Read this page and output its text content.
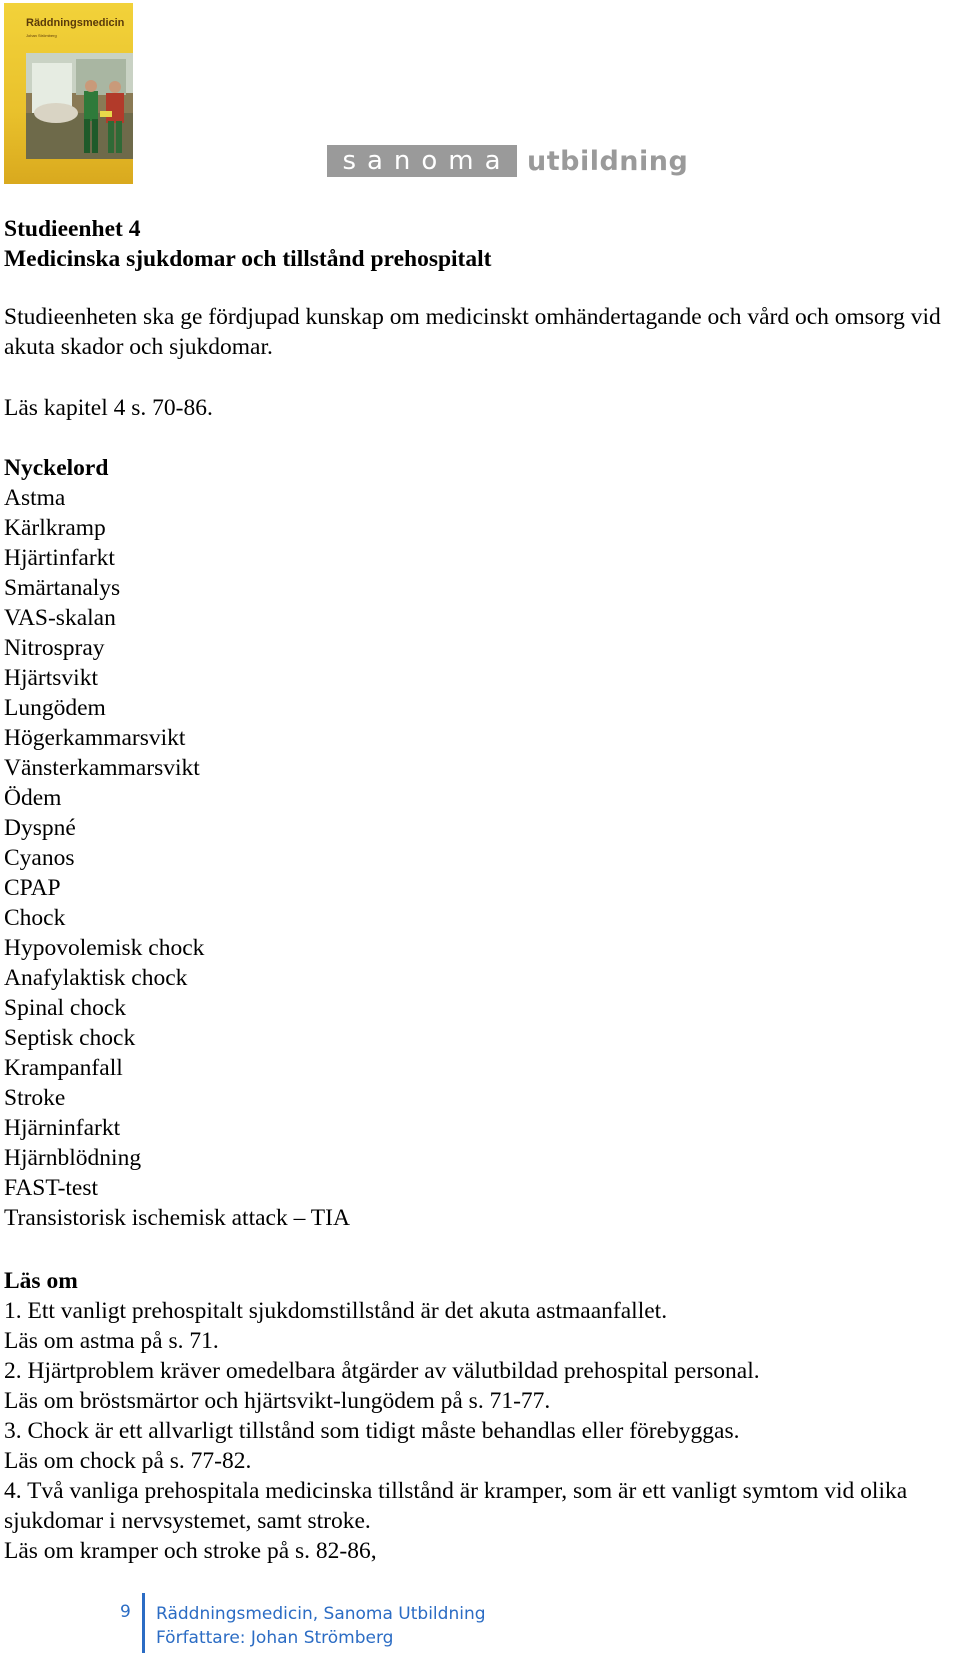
Räddningsmedicin
Johan Strömberg
sanoma utbildning
Studieenhet 4
Medicinska sjukdomar och tillstånd prehospitalt
Studieenheten ska ge fördjupad kunskap om medicinskt omhändertagande och vård och omsorg vid akuta skador och sjukdomar.
Läs kapitel 4 s. 70-86.
Nyckelord
Astma
Kärlkramp
Hjärtinfarkt
Smärtanalys
VAS-skalan
Nitrospray
Hjärtsvikt
Lungödem
Högerkammarsvikt
Vänsterkammarsvikt
Ödem
Dyspné
Cyanos
CPAP
Chock
Hypovolemisk chock
Anafylaktisk chock
Spinal chock
Septisk chock
Krampanfall
Stroke
Hjärninfarkt
Hjärnblödning
FAST-test
Transistorisk ischemisk attack – TIA
Läs om
1. Ett vanligt prehospitalt sjukdomstillstånd är det akuta astmaanfallet.
Läs om astma på s. 71.
2. Hjärtproblem kräver omedelbara åtgärder av välutbildad prehospital personal.
Läs om bröstsmärtor och hjärtsvikt-lungödem på s. 71-77.
3. Chock är ett allvarligt tillstånd som tidigt måste behandlas eller förebyggas.
Läs om chock på s. 77-82.
4. Två vanliga prehospitala medicinska tillstånd är kramper, som är ett vanligt symtom vid olika sjukdomar i nervsystemet, samt stroke.
Läs om kramper och stroke på s. 82-86,
9 Räddningsmedicin, Sanoma Utbildning
Författare: Johan Strömberg
